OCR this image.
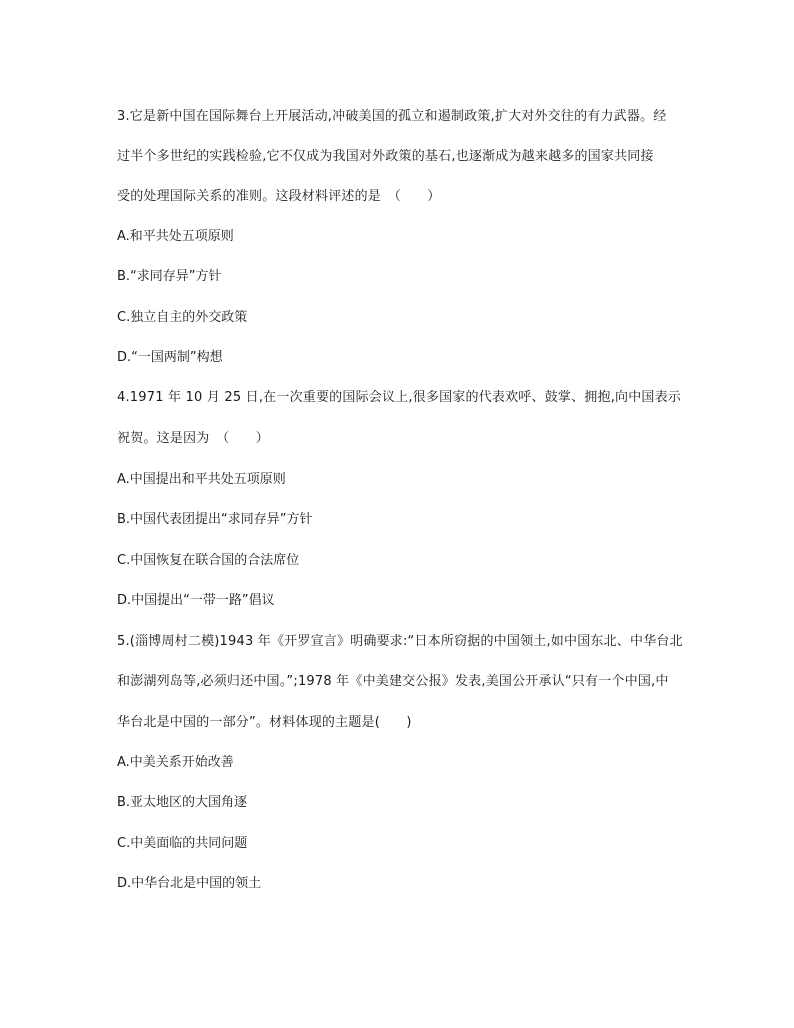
3.它是新中国在国际舞台上开展活动,冲破美国的孤立和遏制政策,扩大对外交往的有力武器。经
过半个多世纪的实践检验,它不仅成为我国对外政策的基石,也逐渐成为越来越多的国家共同接
受的处理国际关系的准则。这段材料评述的是　（　　）
A.和平共处五项原则
B.“求同存异”方针
C.独立自主的外交政策
D.“一国两制”构想
4.1971 年 10 月 25 日,在一次重要的国际会议上,很多国家的代表欢呼、鼓掌、拥抱,向中国表示
祝贺。这是因为　（　　）
A.中国提出和平共处五项原则
B.中国代表团提出“求同存异”方针
C.中国恢复在联合国的合法席位
D.中国提出“一带一路”倡议
5.(淄博周村二模)1943 年《开罗宣言》明确要求:“日本所窃据的中国领土,如中国东北、中华台北
和澎湖列岛等,必须归还中国。”;1978 年《中美建交公报》发表,美国公开承认“只有一个中国,中
华台北是中国的一部分”。材料体现的主题是(　　)
A.中美关系开始改善
B.亚太地区的大国角逐
C.中美面临的共同问题
D.中华台北是中国的领土
